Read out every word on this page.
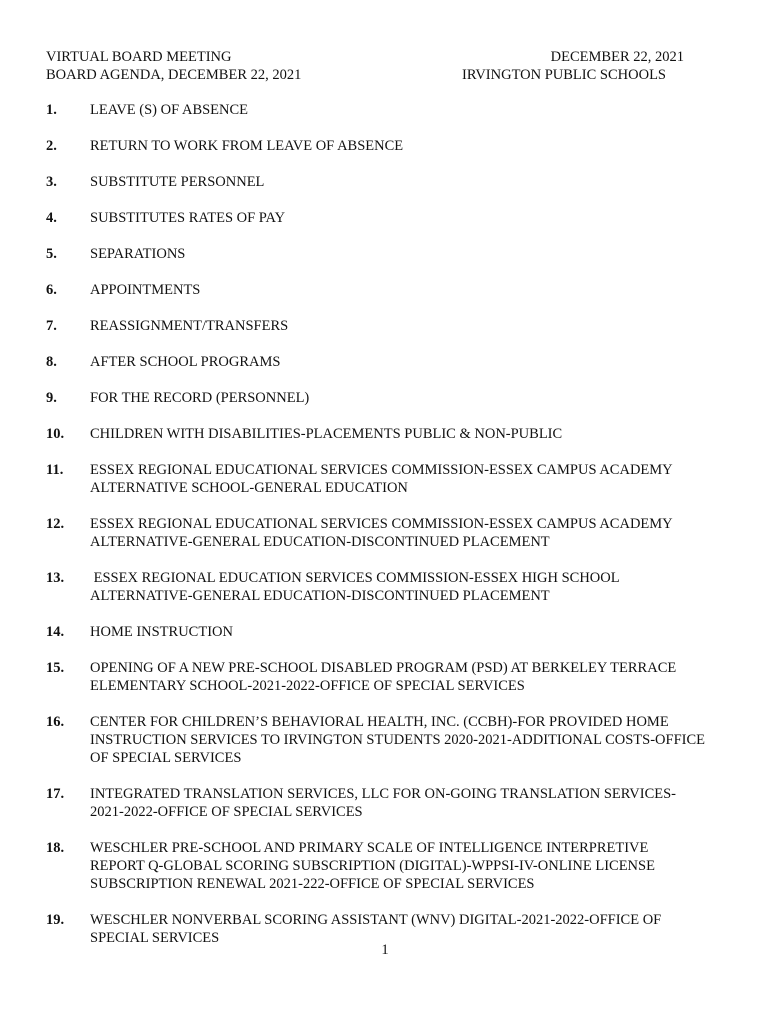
VIRTUAL BOARD MEETING
BOARD AGENDA, DECEMBER 22, 2021
DECEMBER 22, 2021
IRVINGTON PUBLIC SCHOOLS
1.	LEAVE (S) OF ABSENCE
2.	RETURN TO WORK FROM LEAVE OF ABSENCE
3.	SUBSTITUTE PERSONNEL
4.	SUBSTITUTES RATES OF PAY
5.	SEPARATIONS
6.	APPOINTMENTS
7.	REASSIGNMENT/TRANSFERS
8.	AFTER SCHOOL PROGRAMS
9.	FOR THE RECORD (PERSONNEL)
10.	CHILDREN WITH DISABILITIES-PLACEMENTS PUBLIC & NON-PUBLIC
11.	ESSEX REGIONAL EDUCATIONAL SERVICES COMMISSION-ESSEX CAMPUS ACADEMY ALTERNATIVE SCHOOL-GENERAL EDUCATION
12.	ESSEX REGIONAL EDUCATIONAL SERVICES COMMISSION-ESSEX CAMPUS ACADEMY ALTERNATIVE-GENERAL EDUCATION-DISCONTINUED PLACEMENT
13.	ESSEX REGIONAL EDUCATION SERVICES COMMISSION-ESSEX HIGH SCHOOL ALTERNATIVE-GENERAL EDUCATION-DISCONTINUED PLACEMENT
14.	HOME INSTRUCTION
15.	OPENING OF A NEW PRE-SCHOOL DISABLED PROGRAM (PSD) AT BERKELEY TERRACE ELEMENTARY SCHOOL-2021-2022-OFFICE OF SPECIAL SERVICES
16.	CENTER FOR CHILDREN’S BEHAVIORAL HEALTH, INC. (CCBH)-FOR PROVIDED HOME INSTRUCTION SERVICES TO IRVINGTON STUDENTS 2020-2021-ADDITIONAL COSTS-OFFICE OF SPECIAL SERVICES
17.	INTEGRATED TRANSLATION SERVICES, LLC FOR ON-GOING TRANSLATION SERVICES-2021-2022-OFFICE OF SPECIAL SERVICES
18.	WESCHLER PRE-SCHOOL AND PRIMARY SCALE OF INTELLIGENCE INTERPRETIVE REPORT Q-GLOBAL SCORING SUBSCRIPTION (DIGITAL)-WPPSI-IV-ONLINE LICENSE SUBSCRIPTION RENEWAL 2021-222-OFFICE OF SPECIAL SERVICES
19.	WESCHLER NONVERBAL SCORING ASSISTANT (WNV) DIGITAL-2021-2022-OFFICE OF SPECIAL SERVICES
1
